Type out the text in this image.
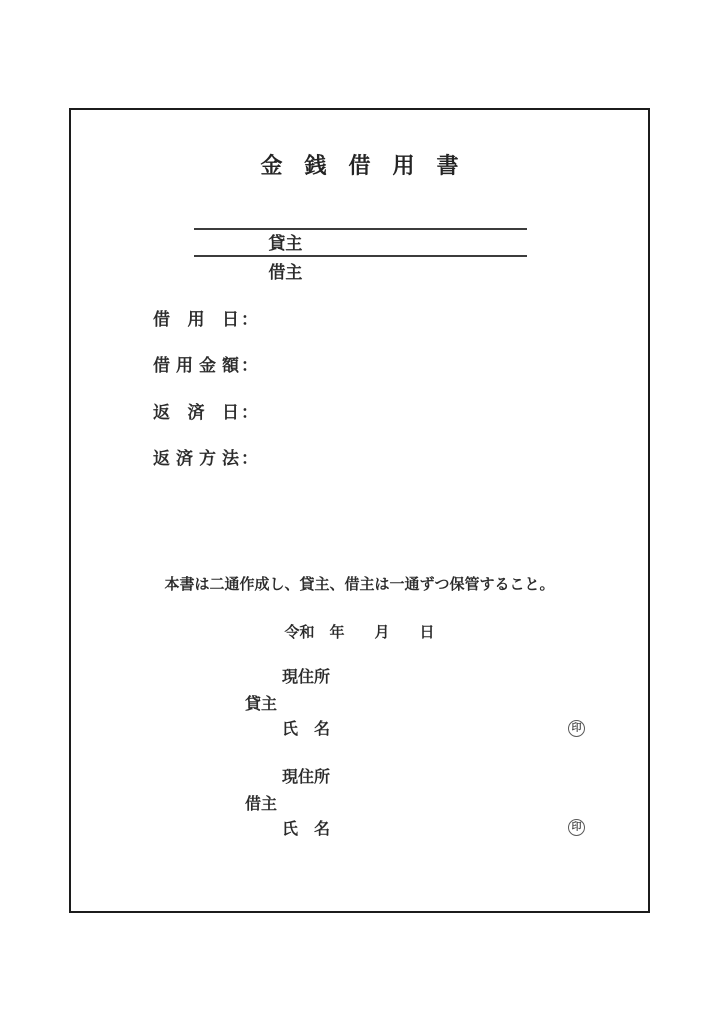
金　銭　借　用　書

貸主

借主

借 用 日 ：
借 用 金 額 ：
返 済 日 ：
返 済 方 法 ：

本書は二通作成し、貸主、借主は一通ずつ保管すること。

令和　年　　月　　日
現住所
貸主
氏　名	印
現住所
借主
氏　名	印
